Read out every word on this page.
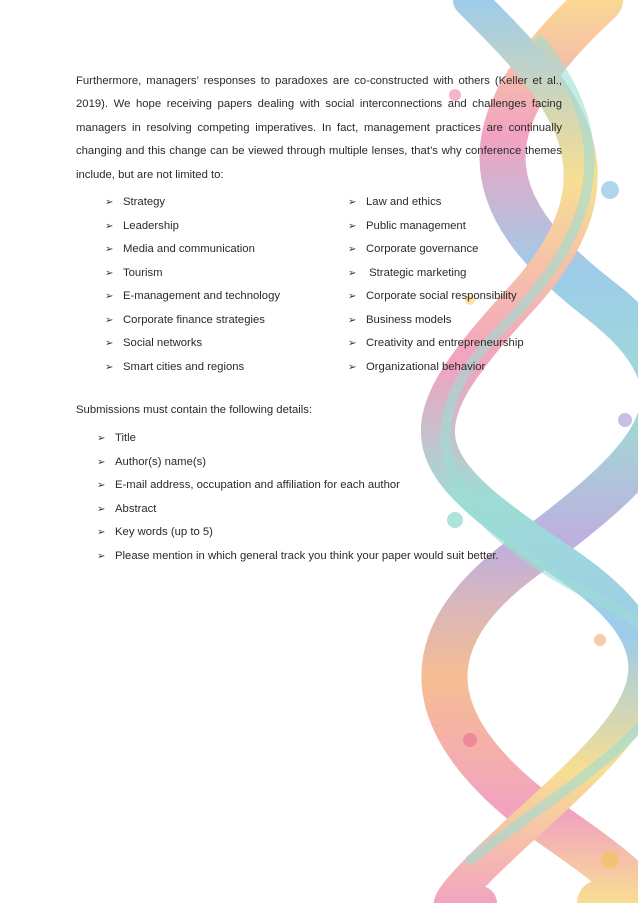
Furthermore, managers’ responses to paradoxes are co-constructed with others (Keller et al., 2019). We hope receiving papers dealing with social interconnections and challenges facing managers in resolving competing imperatives. In fact, management practices are continually changing and this change can be viewed through multiple lenses, that’s why conference themes include, but are not limited to:
➢ Strategy
➢ Leadership
➢ Media and communication
➢ Tourism
➢ E-management and technology
➢ Corporate finance strategies
➢ Social networks
➢ Smart cities and regions
➢ Law and ethics
➢ Public management
➢ Corporate governance
➢ Strategic marketing
➢ Corporate social responsibility
➢ Business models
➢ Creativity and entrepreneurship
➢ Organizational behavior
Submissions must contain the following details:
➢ Title
➢ Author(s) name(s)
➢ E-mail address, occupation and affiliation for each author
➢ Abstract
➢ Key words (up to 5)
➢ Please mention in which general track you think your paper would suit better.
